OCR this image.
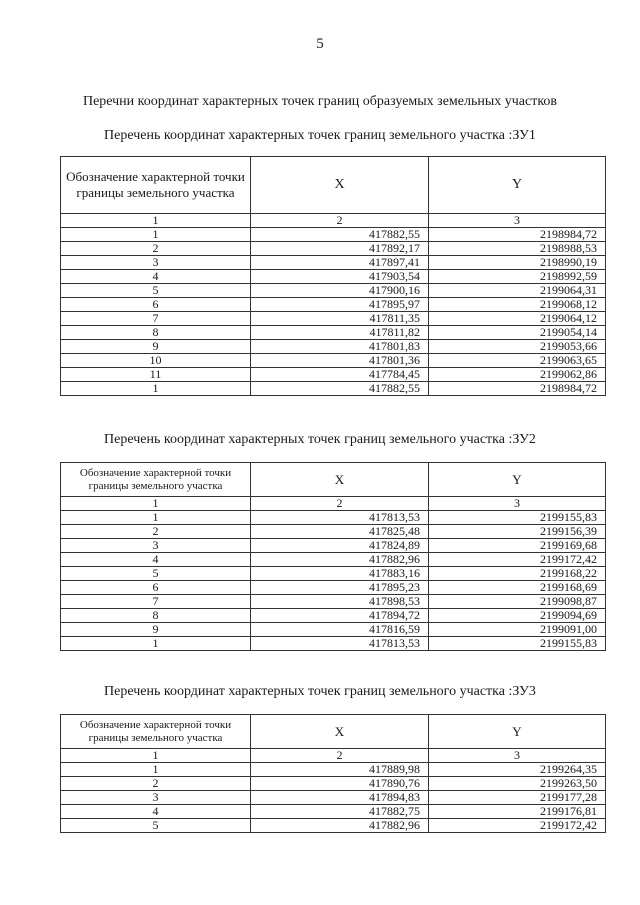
5
Перечни координат характерных точек границ образуемых земельных участков
Перечень координат характерных точек границ земельного участка :ЗУ1
Обозначение характерной точки границы земельного участка	X	Y
1	2	3
1	417882,55	2198984,72
2	417892,17	2198988,53
3	417897,41	2198990,19
4	417903,54	2198992,59
5	417900,16	2199064,31
6	417895,97	2199068,12
7	417811,35	2199064,12
8	417811,82	2199054,14
9	417801,83	2199053,66
10	417801,36	2199063,65
11	417784,45	2199062,86
1	417882,55	2198984,72
Перечень координат характерных точек границ земельного участка :ЗУ2
Обозначение характерной точки границы земельного участка	X	Y
1	2	3
1	417813,53	2199155,83
2	417825,48	2199156,39
3	417824,89	2199169,68
4	417882,96	2199172,42
5	417883,16	2199168,22
6	417895,23	2199168,69
7	417898,53	2199098,87
8	417894,72	2199094,69
9	417816,59	2199091,00
1	417813,53	2199155,83
Перечень координат характерных точек границ земельного участка :ЗУ3
Обозначение характерной точки границы земельного участка	X	Y
1	2	3
1	417889,98	2199264,35
2	417890,76	2199263,50
3	417894,83	2199177,28
4	417882,75	2199176,81
5	417882,96	2199172,42
